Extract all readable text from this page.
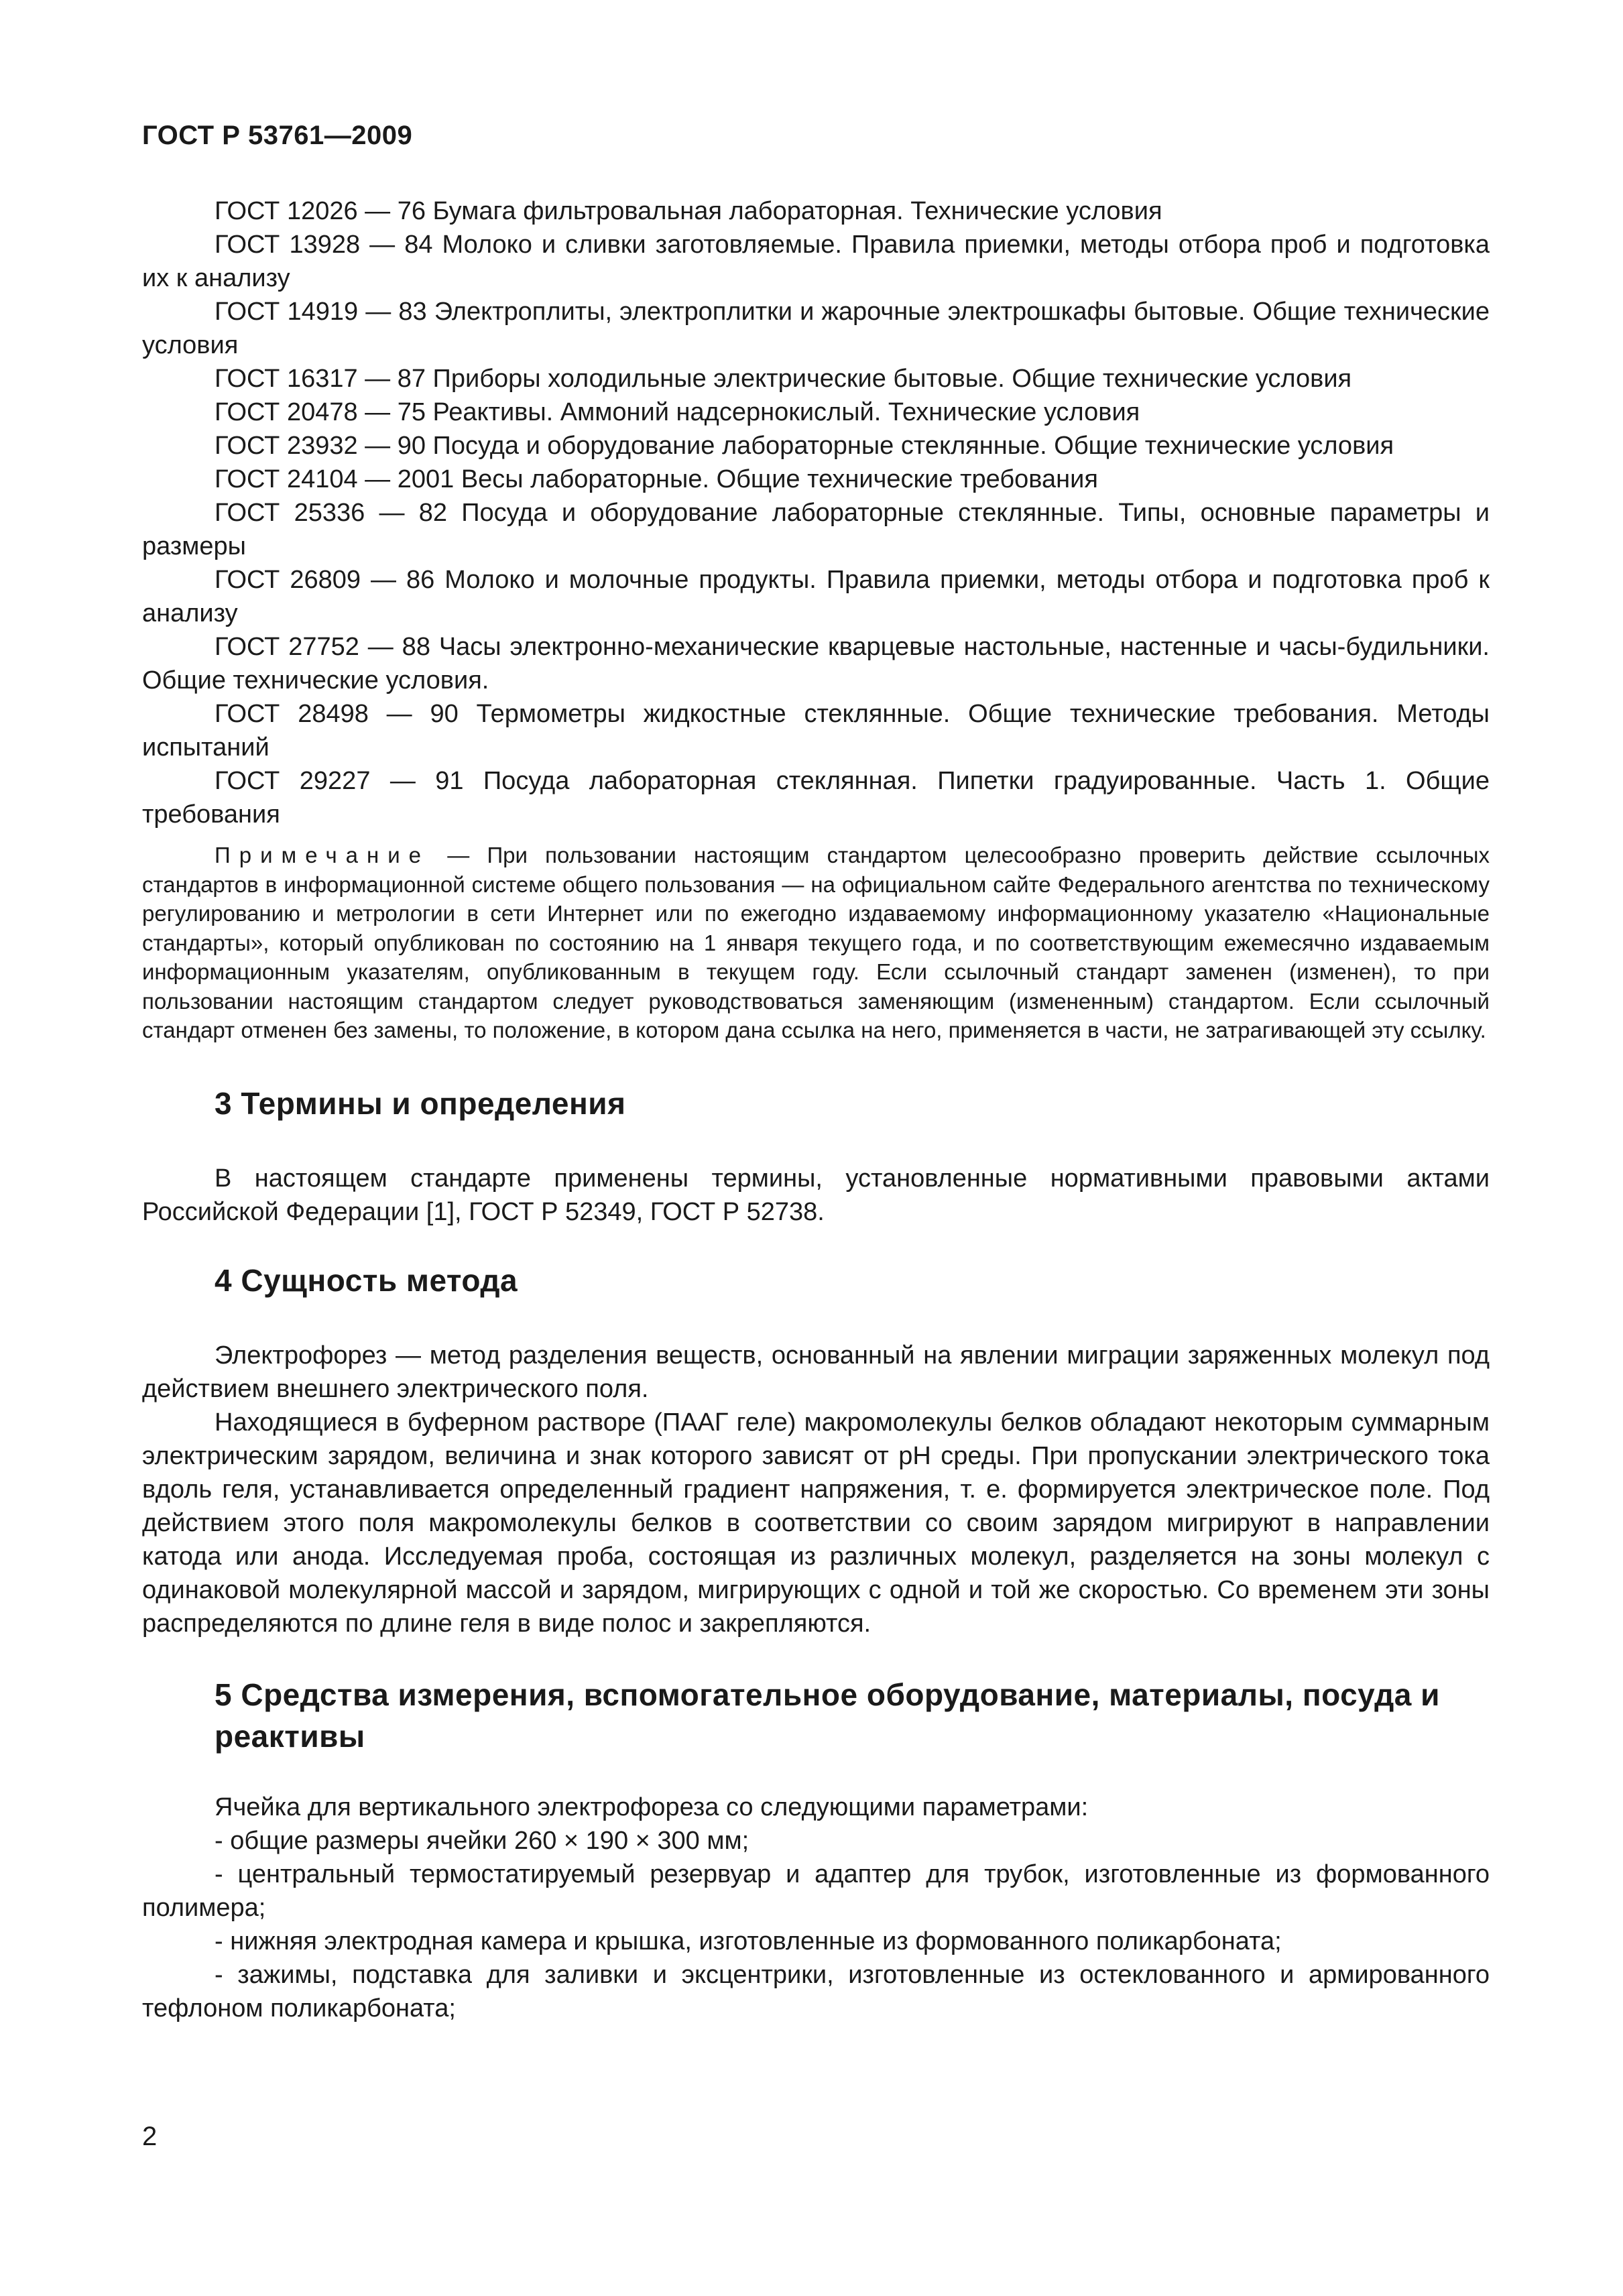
ГОСТ Р 53761—2009

ГОСТ 12026 — 76 Бумага фильтровальная лабораторная. Технические условия

ГОСТ 13928 — 84 Молоко и сливки заготовляемые. Правила приемки, методы отбора проб и подготовка их к анализу

ГОСТ 14919 — 83 Электроплиты, электроплитки и жарочные электрошкафы бытовые. Общие технические условия

ГОСТ 16317 — 87 Приборы холодильные электрические бытовые. Общие технические условия

ГОСТ 20478 — 75 Реактивы. Аммоний надсернокислый. Технические условия

ГОСТ 23932 — 90 Посуда и оборудование лабораторные стеклянные. Общие технические условия

ГОСТ 24104 — 2001 Весы лабораторные. Общие технические требования

ГОСТ 25336 — 82 Посуда и оборудование лабораторные стеклянные. Типы, основные параметры и размеры

ГОСТ 26809 — 86 Молоко и молочные продукты. Правила приемки, методы отбора и подготовка проб к анализу

ГОСТ 27752 — 88 Часы электронно-механические кварцевые настольные, настенные и часы-будильники. Общие технические условия.

ГОСТ 28498 — 90 Термометры жидкостные стеклянные. Общие технические требования. Методы испытаний

ГОСТ 29227 — 91 Посуда лабораторная стеклянная. Пипетки градуированные. Часть 1. Общие требования

Примечание — При пользовании настоящим стандартом целесообразно проверить действие ссылочных стандартов в информационной системе общего пользования — на официальном сайте Федерального агентства по техническому регулированию и метрологии в сети Интернет или по ежегодно издаваемому информационному указателю «Национальные стандарты», который опубликован по состоянию на 1 января текущего года, и по соответствующим ежемесячно издаваемым информационным указателям, опубликованным в текущем году. Если ссылочный стандарт заменен (изменен), то при пользовании настоящим стандартом следует руководствоваться заменяющим (измененным) стандартом. Если ссылочный стандарт отменен без замены, то положение, в котором дана ссылка на него, применяется в части, не затрагивающей эту ссылку.
3 Термины и определения

В настоящем стандарте применены термины, установленные нормативными правовыми актами Российской Федерации [1], ГОСТ Р 52349, ГОСТ Р 52738.

4 Сущность метода

Электрофорез — метод разделения веществ, основанный на явлении миграции заряженных молекул под действием внешнего электрического поля.

Находящиеся в буферном растворе (ПААГ геле) макромолекулы белков обладают некоторым суммарным электрическим зарядом, величина и знак которого зависят от pH среды. При пропускании электрического тока вдоль геля, устанавливается определенный градиент напряжения, т. е. формируется электрическое поле. Под действием этого поля макромолекулы белков в соответствии со своим зарядом мигрируют в направлении катода или анода. Исследуемая проба, состоящая из различных молекул, разделяется на зоны молекул с одинаковой молекулярной массой и зарядом, мигрирующих с одной и той же скоростью. Со временем эти зоны распределяются по длине геля в виде полос и закрепляются.

5 Средства измерения, вспомогательное оборудование, материалы, посуда и реактивы

Ячейка для вертикального электрофореза со следующими параметрами:

- общие размеры ячейки 260 × 190 × 300 мм;

- центральный термостатируемый резервуар и адаптер для трубок, изготовленные из формованного полимера;

- нижняя электродная камера и крышка, изготовленные из формованного поликарбоната;

- зажимы, подставка для заливки и эксцентрики, изготовленные из остеклованного и армированного тефлоном поликарбоната;

2
